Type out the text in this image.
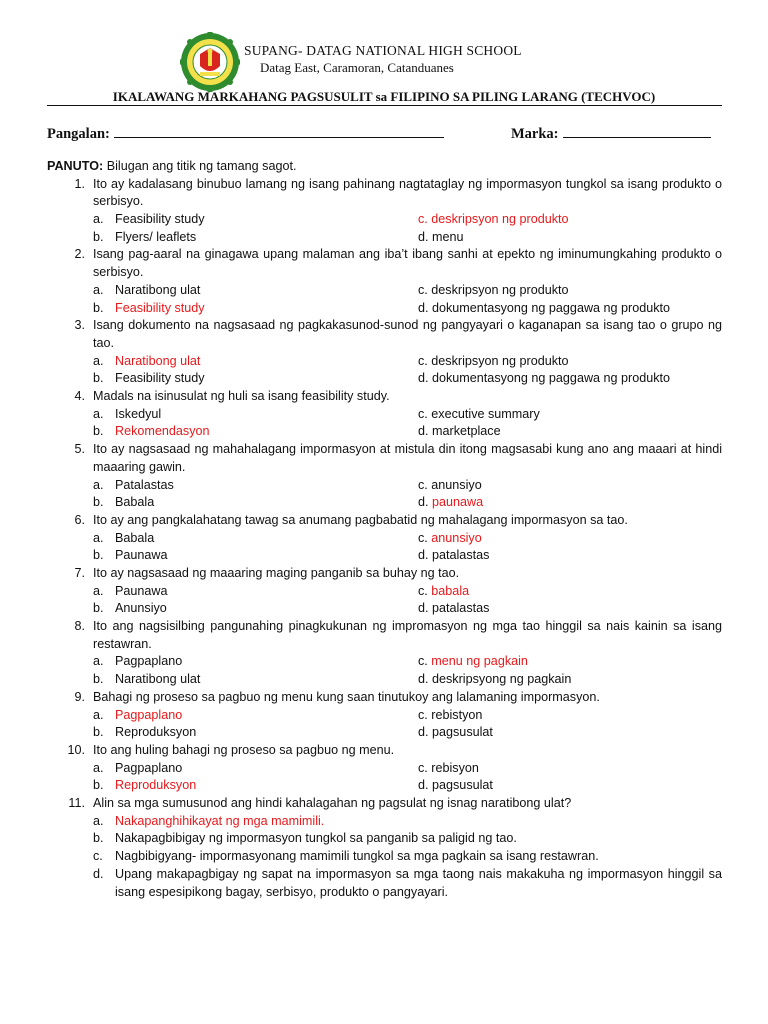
SUPANG- DATAG NATIONAL HIGH SCHOOL
Datag East, Caramoran, Catanduanes
IKALAWANG MARKAHANG PAGSUSULIT sa FILIPINO SA PILING LARANG (TECHVOC)
Pangalan:	Marka:
PANUTO: Bilugan ang titik ng tamang sagot.
1. Ito ay kadalasang binubuo lamang ng isang pahinang nagtataglay ng impormasyon tungkol sa isang produkto o serbisyo.
a. Feasibility study	c. deskripsyon ng produkto
b. Flyers/ leaflets	d. menu
2. Isang pag-aaral na ginagawa upang malaman ang iba’t ibang sanhi at epekto ng iminumungkahing produkto o serbisyo.
a. Naratibong ulat	c. deskripsyon ng produkto
b. Feasibility study	d. dokumentasyong ng paggawa ng produkto
3. Isang dokumento na nagsasaad ng pagkakasunod-sunod ng pangyayari o kaganapan sa isang tao o grupo ng tao.
a. Naratibong ulat	c. deskripsyon ng produkto
b. Feasibility study	d. dokumentasyong ng paggawa ng produkto
4. Madals na isinusulat ng huli sa isang feasibility study.
a. Iskedyul	c. executive summary
b. Rekomendasyon	d. marketplace
5. Ito ay nagsasaad ng mahahalagang impormasyon at mistula din itong magsasabi kung ano ang maaari at hindi maaaring gawin.
a. Patalastas	c. anunsiyo
b. Babala	d. paunawa
6. Ito ay ang pangkalahatang tawag sa anumang pagbabatid ng mahalagang impormasyon sa tao.
a. Babala	c. anunsiyo
b. Paunawa	d. patalastas
7. Ito ay nagsasaad ng maaaring maging panganib sa buhay ng tao.
a. Paunawa	c. babala
b. Anunsiyo	d. patalastas
8. Ito ang nagsisilbing pangunahing pinagkukunan ng impromasyon ng mga tao hinggil sa nais kainin sa isang restawran.
a. Pagpaplano	c. menu ng pagkain
b. Naratibong ulat	d. deskripsyong ng pagkain
9. Bahagi ng proseso sa pagbuo ng menu kung saan tinutukoy ang lalamaning impormasyon.
a. Pagpaplano	c. rebistyon
b. Reproduksyon	d. pagsusulat
10. Ito ang huling bahagi ng proseso sa pagbuo ng menu.
a. Pagpaplano	c. rebisyon
b. Reproduksyon	d. pagsusulat
11. Alin sa mga sumusunod ang hindi kahalagahan ng pagsulat ng isnag naratibong ulat?
a. Nakapanghihikayat ng mga mamimili.
b. Nakapagbibigay ng impormasyon tungkol sa panganib sa paligid ng tao.
c. Nagbibigyang- impormasyonang mamimili tungkol sa mga pagkain sa isang restawran.
d. Upang makapagbigay ng sapat na impormasyon sa mga taong nais makakuha ng impormasyon hinggil sa isang espesipikong bagay, serbisyo, produkto o pangyayari.
